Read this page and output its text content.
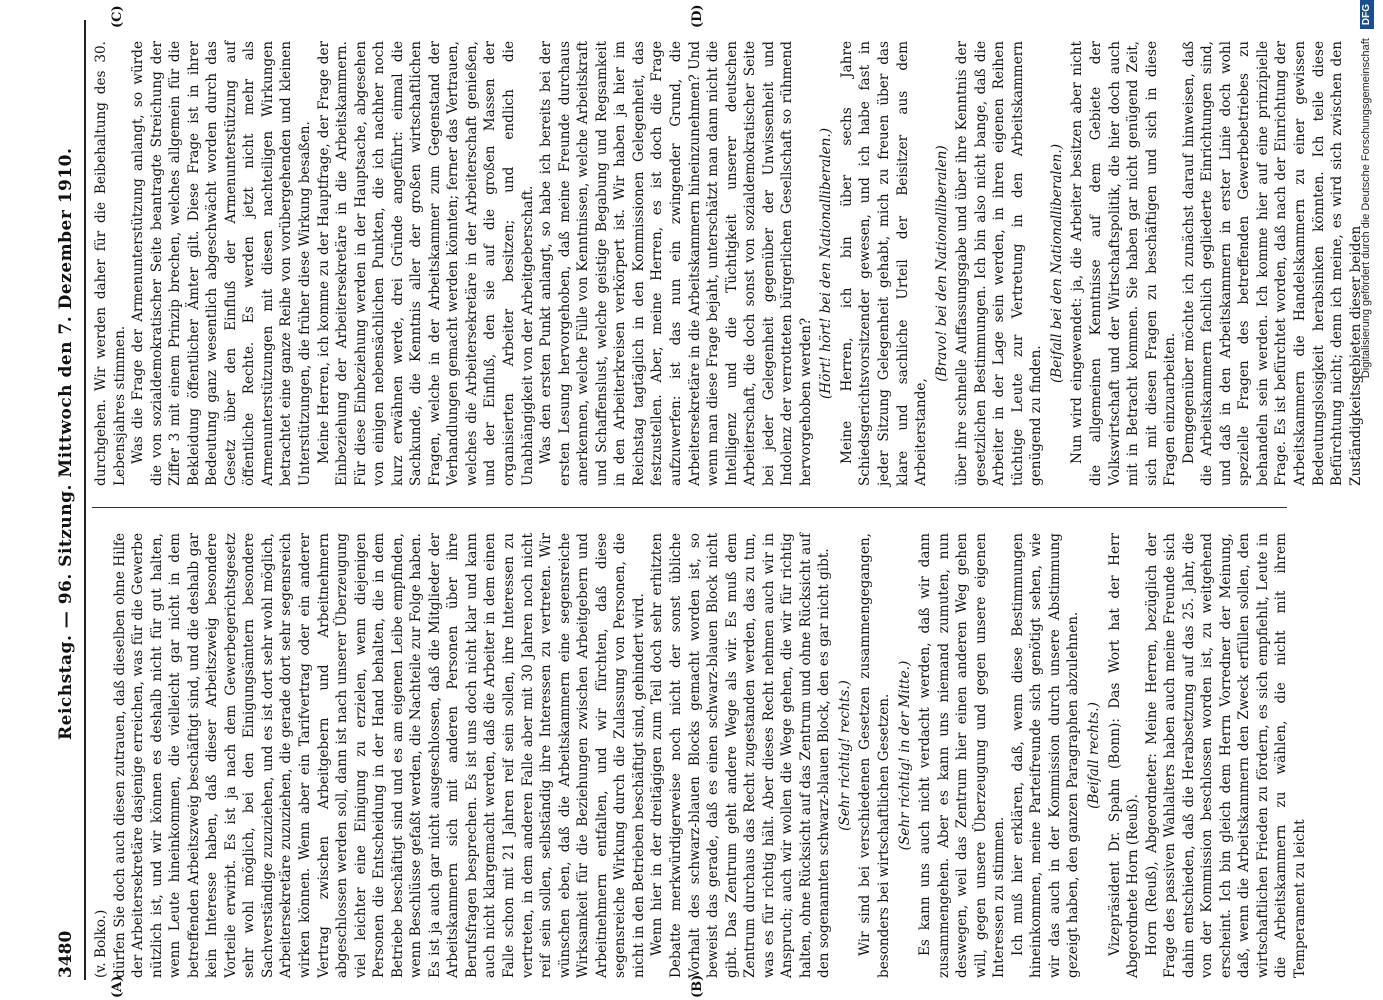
3480
Reichstag. — 96. Sitzung. Mittwoch den 7. Dezember 1910.
(A)	(B)
(C)	(D)

(v. Bolko.) dürfen Sie doch auch diesen zutrauen, daß dieselben ohne Hilfe der Arbeitersekretäre dasjenige erreichen, was für die Gewerbe nützlich ist, und wir können es deshalb nicht für gut halten, wenn Leute hineinkommen, die vielleicht gar nicht in dem betreffenden Arbeitszweig beschäftigt sind, und die deshalb gar kein Interesse haben, daß dieser Arbeitszweig besondere Vorteile erwirbt. Es ist ja nach dem Gewerbegerichtsgesetz sehr wohl möglich, bei den Einigungsämtern besondere Sachverständige zuzuziehen, und es ist dort sehr wohl möglich, Arbeitersekretäre zuzuziehen, die gerade dort sehr segensreich wirken können. Wenn aber ein Tarifvertrag oder ein anderer Vertrag zwischen Arbeitgebern und Arbeitnehmern abgeschlossen werden soll, dann ist nach unserer Überzeugung viel leichter eine Einigung zu erzielen, wenn diejenigen Personen die Entscheidung in der Hand behalten, die in dem Betriebe beschäftigt sind und es am eigenen Leibe empfinden, wenn Beschlüsse gefaßt werden, die Nachteile zur Folge haben. Es ist ja auch gar nicht ausgeschlossen, daß die Mitglieder der Arbeitskammern sich mit anderen Personen über ihre Berufsfragen besprechen. Es ist uns doch nicht klar und kann auch nicht klargemacht werden, daß die Arbeiter in dem einen Falle schon mit 21 Jahren reif sein sollen, ihre Interessen zu vertreten, in dem anderen Falle aber mit 30 Jahren noch nicht reif sein sollen, selbständig ihre Interessen zu vertreten. Wir wünschen eben, daß die Arbeitskammern eine segensreiche Wirksamkeit für die Beziehungen zwischen Arbeitgebern und Arbeitnehmern entfalten, und wir fürchten, daß diese segensreiche Wirkung durch die Zulassung von Personen, die nicht in den Betrieben beschäftigt sind, gehindert wird. Wenn hier in der dreitägigen zum Teil doch sehr erhitzten Debatte merkwürdigerweise noch nicht der sonst übliche Vorhalt des schwarz-blauen Blocks gemacht worden ist, so beweist das gerade, daß es einen schwarz-blauen Block nicht gibt. Das Zentrum geht andere Wege als wir. Es muß dem Zentrum durchaus das Recht zugestanden werden, das zu tun, was es für richtig hält. Aber dieses Recht nehmen auch wir in Anspruch; auch wir wollen die Wege gehen, die wir für richtig halten, ohne Rücksicht auf das Zentrum und ohne Rücksicht auf den sogenannten schwarz-blauen Block, den es gar nicht gibt. (Sehr richtig! rechts.) Wir sind bei verschiedenen Gesetzen zusammengegangen, besonders bei wirtschaftlichen Gesetzen. (Sehr richtig! in der Mitte.) Es kann uns auch nicht verdacht werden, daß wir dann zusammengehen. Aber es kann uns niemand zumuten, nun deswegen, weil das Zentrum hier einen anderen Weg gehen will, gegen unsere Überzeugung und gegen unsere eigenen Interessen zu stimmen. Ich muß hier erklären, daß, wenn diese Bestimmungen hineinkommen, meine Parteifreunde sich genötigt sehen, wie wir das auch in der Kommission durch unsere Abstimmung gezeigt haben, den ganzen Paragraphen abzulehnen. (Beifall rechts.) Vizepräsident Dr. Spahn (Bonn): Das Wort hat der Herr Abgeordnete Horn (Reuß). Horn (Reuß), Abgeordneter: Meine Herren, bezüglich der Frage des passiven Wahlalters haben auch meine Freunde sich dahin entschieden, daß die Herabsetzung auf das 25. Jahr, die von der Kommission beschlossen worden ist, zu weitgehend erscheint. Ich bin gleich dem Herrn Vorredner der Meinung, daß, wenn die Arbeitskammern den Zweck erfüllen sollen, den wirtschaftlichen Frieden zu fördern, es sich empfiehlt, Leute in die Arbeitskammern zu wählen, die nicht mit ihrem Temperament zu leicht

durchgehen. Wir werden daher für die Beibehaltung des 30. Lebensjahres stimmen. Was die Frage der Armenunterstützung anlangt, so würde die von sozialdemokratischer Seite beantragte Streichung der Ziffer 3 mit einem Prinzip brechen, welches allgemein für die Bekleidung öffentlicher Ämter gilt. Diese Frage ist in ihrer Bedeutung ganz wesentlich abgeschwächt worden durch das Gesetz über den Einfluß der Armenunterstützung auf öffentliche Rechte. Es werden jetzt nicht mehr als Armenunterstützungen mit diesen nachteiligen Wirkungen betrachtet eine ganze Reihe von vorübergehenden und kleinen Unterstützungen, die früher diese Wirkung besaßen. Meine Herren, ich komme zu der Hauptfrage, der Frage der Einbeziehung der Arbeitersekretäre in die Arbeitskammern. Für diese Einbeziehung werden in der Hauptsache, abgesehen von einigen nebensächlichen Punkten, die ich nachher noch kurz erwähnen werde, drei Gründe angeführt: einmal die Sachkunde, die Kenntnis aller der großen wirtschaftlichen Fragen, welche in der Arbeitskammer zum Gegenstand der Verhandlungen gemacht werden könnten; ferner das Vertrauen, welches die Arbeitersekretäre in der Arbeiterschaft genießen, und der Einfluß, den sie auf die großen Massen der organisierten Arbeiter besitzen; und endlich die Unabhängigkeit von der Arbeitgeberschaft. Was den ersten Punkt anlangt, so habe ich bereits bei der ersten Lesung hervorgehoben, daß meine Freunde durchaus anerkennen, welche Fülle von Kenntnissen, welche Arbeitskraft und Schaffenslust, welche geistige Begabung und Regsamkeit in den Arbeiterkreisen verkörpert ist. Wir haben ja hier im Reichstag tagtäglich in den Kommissionen Gelegenheit, das festzustellen. Aber, meine Herren, es ist doch die Frage aufzuwerfen: ist das nun ein zwingender Grund, die Arbeitersekretäre in die Arbeitskammern hineinzunehmen? Und wenn man diese Frage bejaht, unterschätzt man dann nicht die Intelligenz und die Tüchtigkeit unserer deutschen Arbeiterschaft, die doch sonst von sozialdemokratischer Seite bei jeder Gelegenheit gegenüber der Unwissenheit und Indolenz der verrotteten bürgerlichen Gesellschaft so rühmend hervorgehoben werden?

(Hört! hört! bei den Nationalliberalen.) Meine Herren, ich bin über sechs Jahre Schiedsgerichtsvorsitzender gewesen, und ich habe fast in jeder Sitzung Gelegenheit gehabt, mich zu freuen über das klare und sachliche Urteil der Beisitzer aus dem Arbeiterstande,

(Bravo! bei den Nationalliberalen) über ihre schnelle Auffassungsgabe und über ihre Kenntnis der gesetzlichen Bestimmungen. Ich bin also nicht bange, daß die Arbeiter in der Lage sein werden, in ihren eigenen Reihen tüchtige Leute zur Vertretung in den Arbeitskammern genügend zu finden.

(Beifall bei den Nationalliberalen.) Nun wird eingewendet: ja, die Arbeiter besitzen aber nicht die allgemeinen Kenntnisse auf dem Gebiete der Volkswirtschaft und der Wirtschaftspolitik, die hier doch auch mit in Betracht kommen. Sie haben gar nicht genügend Zeit, sich mit diesen Fragen zu beschäftigen und sich in diese Fragen einzuarbeiten. Demgegenüber möchte ich zunächst darauf hinweisen, daß die Arbeitskammern fachlich gegliederte Einrichtungen sind, und daß in den Arbeitskammern in erster Linie doch wohl spezielle Fragen des betreffenden Gewerbebetriebes zu behandeln sein werden. Ich komme hier auf eine prinzipielle Frage. Es ist befürchtet worden, daß nach der Einrichtung der Arbeitskammern die Handelskammern zu einer gewissen Bedeutungslosigkeit herabsinken könnten. Ich teile diese Befürchtung nicht; denn ich meine, es wird sich zwischen den Zuständigkeitsgebieten dieser beiden

Digitalisierung gefördert durch die Deutsche Forschungsgemeinschaft DFG
